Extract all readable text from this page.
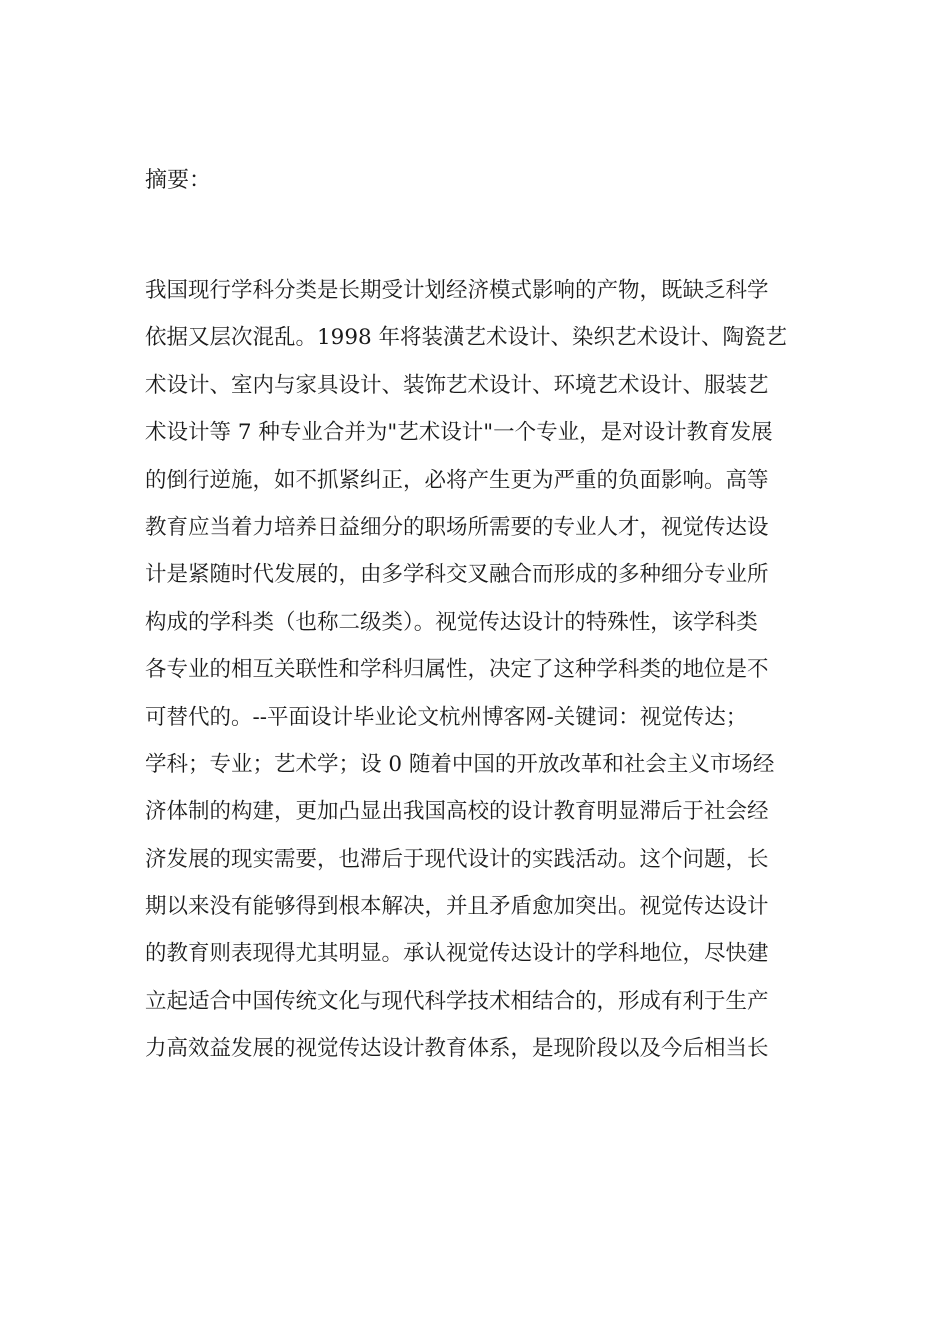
摘要：
我国现行学科分类是长期受计划经济模式影响的产物，既缺乏科学
依据又层次混乱。1998 年将装潢艺术设计、染织艺术设计、陶瓷艺
术设计、室内与家具设计、装饰艺术设计、环境艺术设计、服装艺
术设计等 7 种专业合并为"艺术设计"一个专业，是对设计教育发展
的倒行逆施，如不抓紧纠正，必将产生更为严重的负面影响。高等
教育应当着力培养日益细分的职场所需要的专业人才，视觉传达设
计是紧随时代发展的，由多学科交叉融合而形成的多种细分专业所
构成的学科类（也称二级类）。视觉传达设计的特殊性，该学科类
各专业的相互关联性和学科归属性，决定了这种学科类的地位是不
可替代的。--平面设计毕业论文杭州博客网-关键词：视觉传达；
学科；专业；艺术学；设 0 随着中国的开放改革和社会主义市场经
济体制的构建，更加凸显出我国高校的设计教育明显滞后于社会经
济发展的现实需要，也滞后于现代设计的实践活动。这个问题，长
期以来没有能够得到根本解决，并且矛盾愈加突出。视觉传达设计
的教育则表现得尤其明显。承认视觉传达设计的学科地位，尽快建
立起适合中国传统文化与现代科学技术相结合的，形成有利于生产
力高效益发展的视觉传达设计教育体系，是现阶段以及今后相当长
